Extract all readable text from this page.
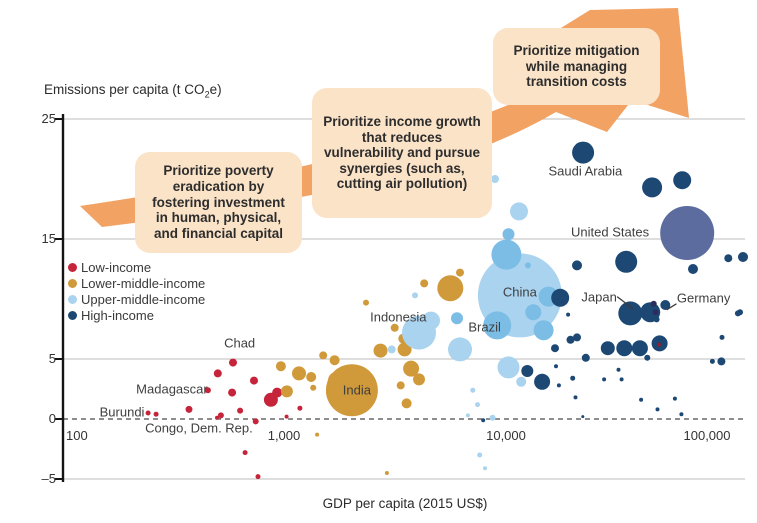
Prioritize poverty eradication by fostering investment in human, physical, and financial capital
Prioritize income growth that reduces vulnerability and pursue synergies (such as, cutting air pollution)
Prioritize mitigation while managing transition costs
Emissions per capita (t $CO_2e$)
GDP per capita (2015 US$)
25
15
5
0
–5
100	1,000	10,000	100,000
Low-income
Lower-middle-income
Upper-middle-income
High-income
Saudi Arabia
United States
China
Brazil
Indonesia
India
Japan	Germany
Chad
Madagascar
Burundi
Congo, Dem. Rep.
